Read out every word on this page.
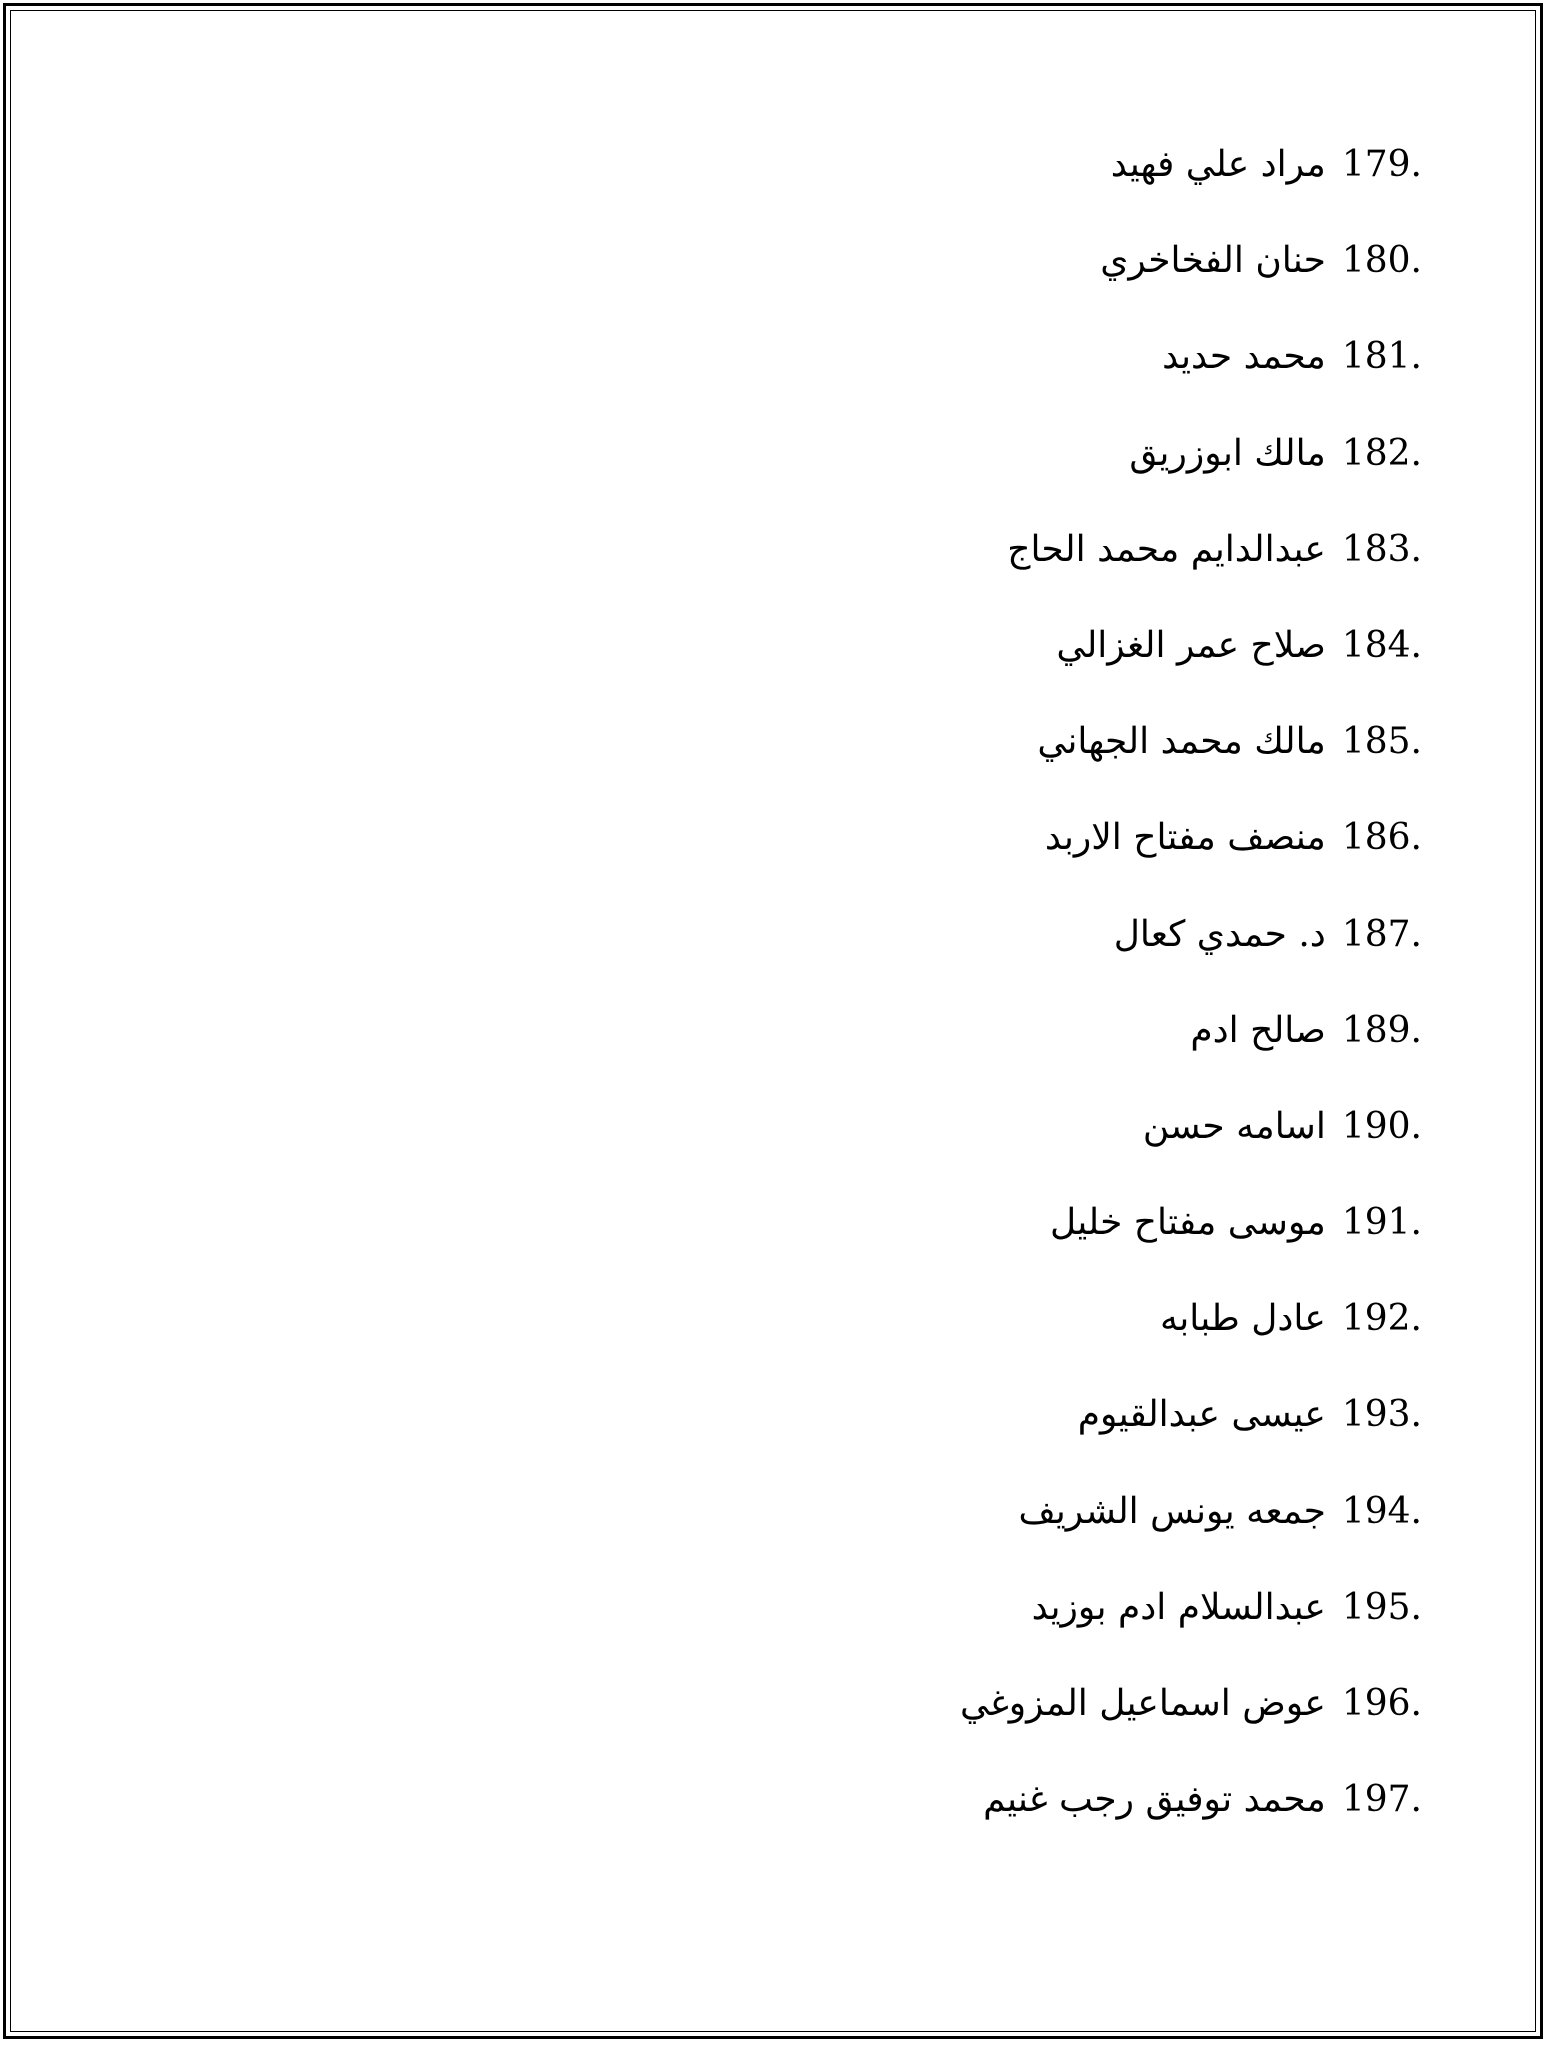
179.
مراد علي فهيد
180.
حنان الفخاخري
181.
محمد حديد
182.
مالك ابوزريق
183.
عبدالدايم محمد الحاج
184.
صلاح عمر الغزالي
185.
مالك محمد الجهاني
186.
منصف مفتاح الاربد
187.
د. حمدي كعال
189.
صالح ادم
190.
اسامه حسن
191.
موسى مفتاح خليل
192.
عادل طبابه
193.
عيسى عبدالقيوم
194.
جمعه يونس الشريف
195.
عبدالسلام ادم بوزيد
196.
عوض اسماعيل المزوغي
197.
محمد توفيق رجب غنيم
